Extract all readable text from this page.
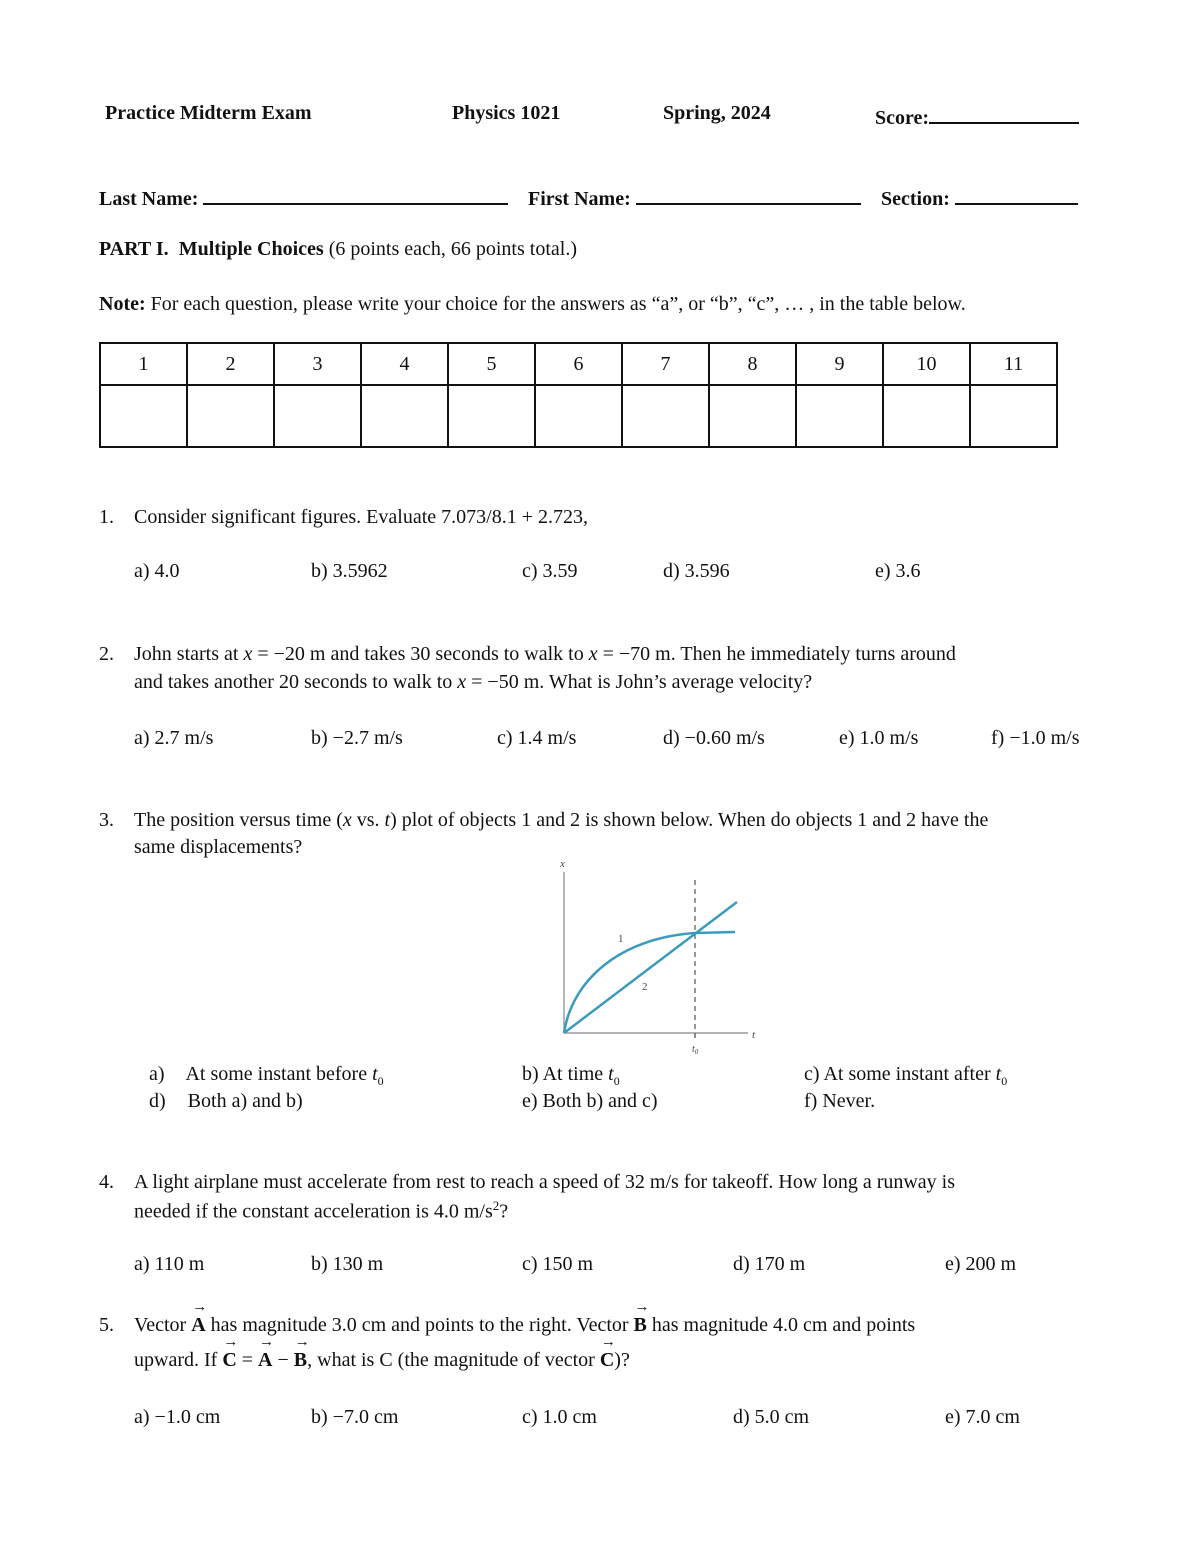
Practice Midterm Exam	Physics 1021	Spring, 2024	Score:
Last Name:	First Name:	Section:
PART I. Multiple Choices (6 points each, 66 points total.)
Note: For each question, please write your choice for the answers as “a”, or “b”, “c”, … , in the table below.
1	2	3	4	5	6	7	8	9	10	11

1. Consider significant figures. Evaluate 7.073/8.1 + 2.723,
a) 4.0	b) 3.5962	c) 3.59	d) 3.596	e) 3.6
2. John starts at x = −20 m and takes 30 seconds to walk to x = −70 m. Then he immediately turns around
and takes another 20 seconds to walk to x = −50 m. What is John’s average velocity?
a) 2.7 m/s	b) −2.7 m/s	c) 1.4 m/s	d) −0.60 m/s	e) 1.0 m/s	f) −1.0 m/s
3. The position versus time (x vs. t) plot of objects 1 and 2 is shown below. When do objects 1 and 2 have the
same displacements?
x
t
$t_0$
1
2
a) At some instant before $t_0$	b) At time $t_0$	c) At some instant after $t_0$
d) Both a) and b)	e) Both b) and c)	f) Never.
4. A light airplane must accelerate from rest to reach a speed of 32 m/s for takeoff. How long a runway is
needed if the constant acceleration is 4.0 $m/s^2$?
a) 110 m	b) 130 m	c) 150 m	d) 170 m	e) 200 m
5. Vector → A has magnitude 3.0 cm and points to the right. Vector → B has magnitude 4.0 cm and points
upward. If → C = → A − → B, what is C (the magnitude of vector → C)?
a) −1.0 cm	b) −7.0 cm	c) 1.0 cm	d) 5.0 cm	e) 7.0 cm
